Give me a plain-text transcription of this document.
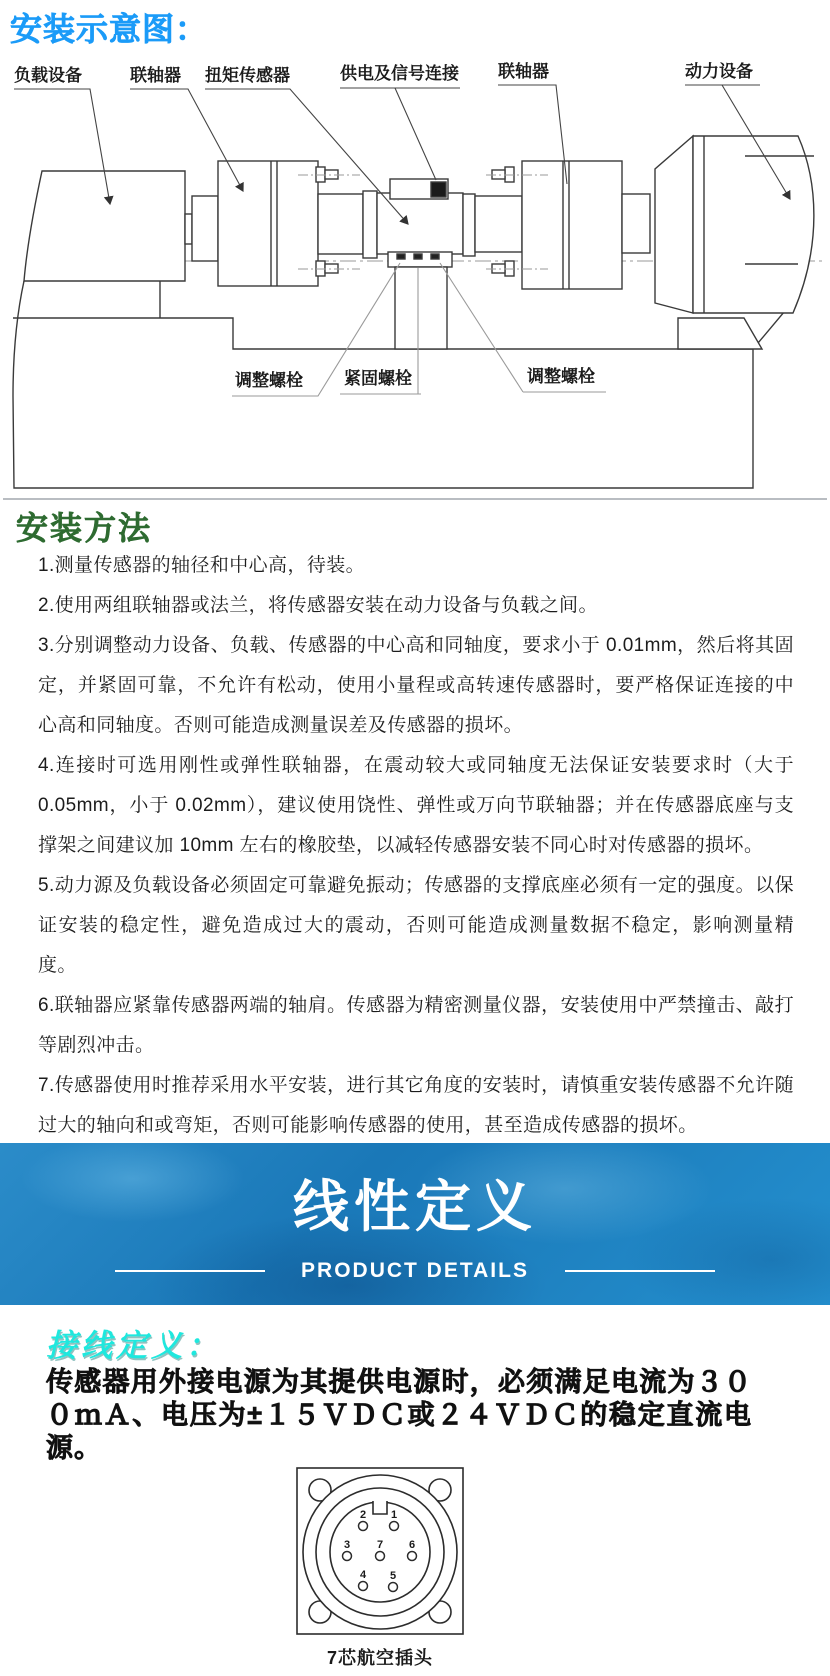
安装示意图：
负载设备	联轴器 扭矩传感器	供电及信号连接 联轴器	动力设备
调整螺栓 紧固螺栓	调整螺栓
安装方法

1.测量传感器的轴径和中心高，待装。

2.使用两组联轴器或法兰，将传感器安装在动力设备与负载之间。

3.分别调整动力设备、负载、传感器的中心高和同轴度，要求小于 0.01mm，然后将其固定，并紧固可靠，不允许有松动，使用小量程或高转速传感器时，要严格保证连接的中心高和同轴度。否则可能造成测量误差及传感器的损坏。

4.连接时可选用刚性或弹性联轴器，在震动较大或同轴度无法保证安装要求时（大于 0.05mm，小于 0.02mm），建议使用饶性、弹性或万向节联轴器；并在传感器底座与支撑架之间建议加 10mm 左右的橡胶垫，以减轻传感器安装不同心时对传感器的损坏。

5.动力源及负载设备必须固定可靠避免振动；传感器的支撑底座必须有一定的强度。以保证安装的稳定性，避免造成过大的震动，否则可能造成测量数据不稳定，影响测量精度。

6.联轴器应紧靠传感器两端的轴肩。传感器为精密测量仪器，安装使用中严禁撞击、敲打等剧烈冲击。

7.传感器使用时推荐采用水平安装，进行其它角度的安装时，请慎重安装传感器不允许随过大的轴向和或弯矩，否则可能影响传感器的使用，甚至造成传感器的损坏。

线性定义
PRODUCT DETAILS
接线定义：
传感器用外接电源为其提供电源时，必须满足电流为３００ｍＡ、电压为±１５ＶＤＣ或２４ＶＤＣ的稳定直流电源。
2 1
3 7 6
4 5
7芯航空插头
